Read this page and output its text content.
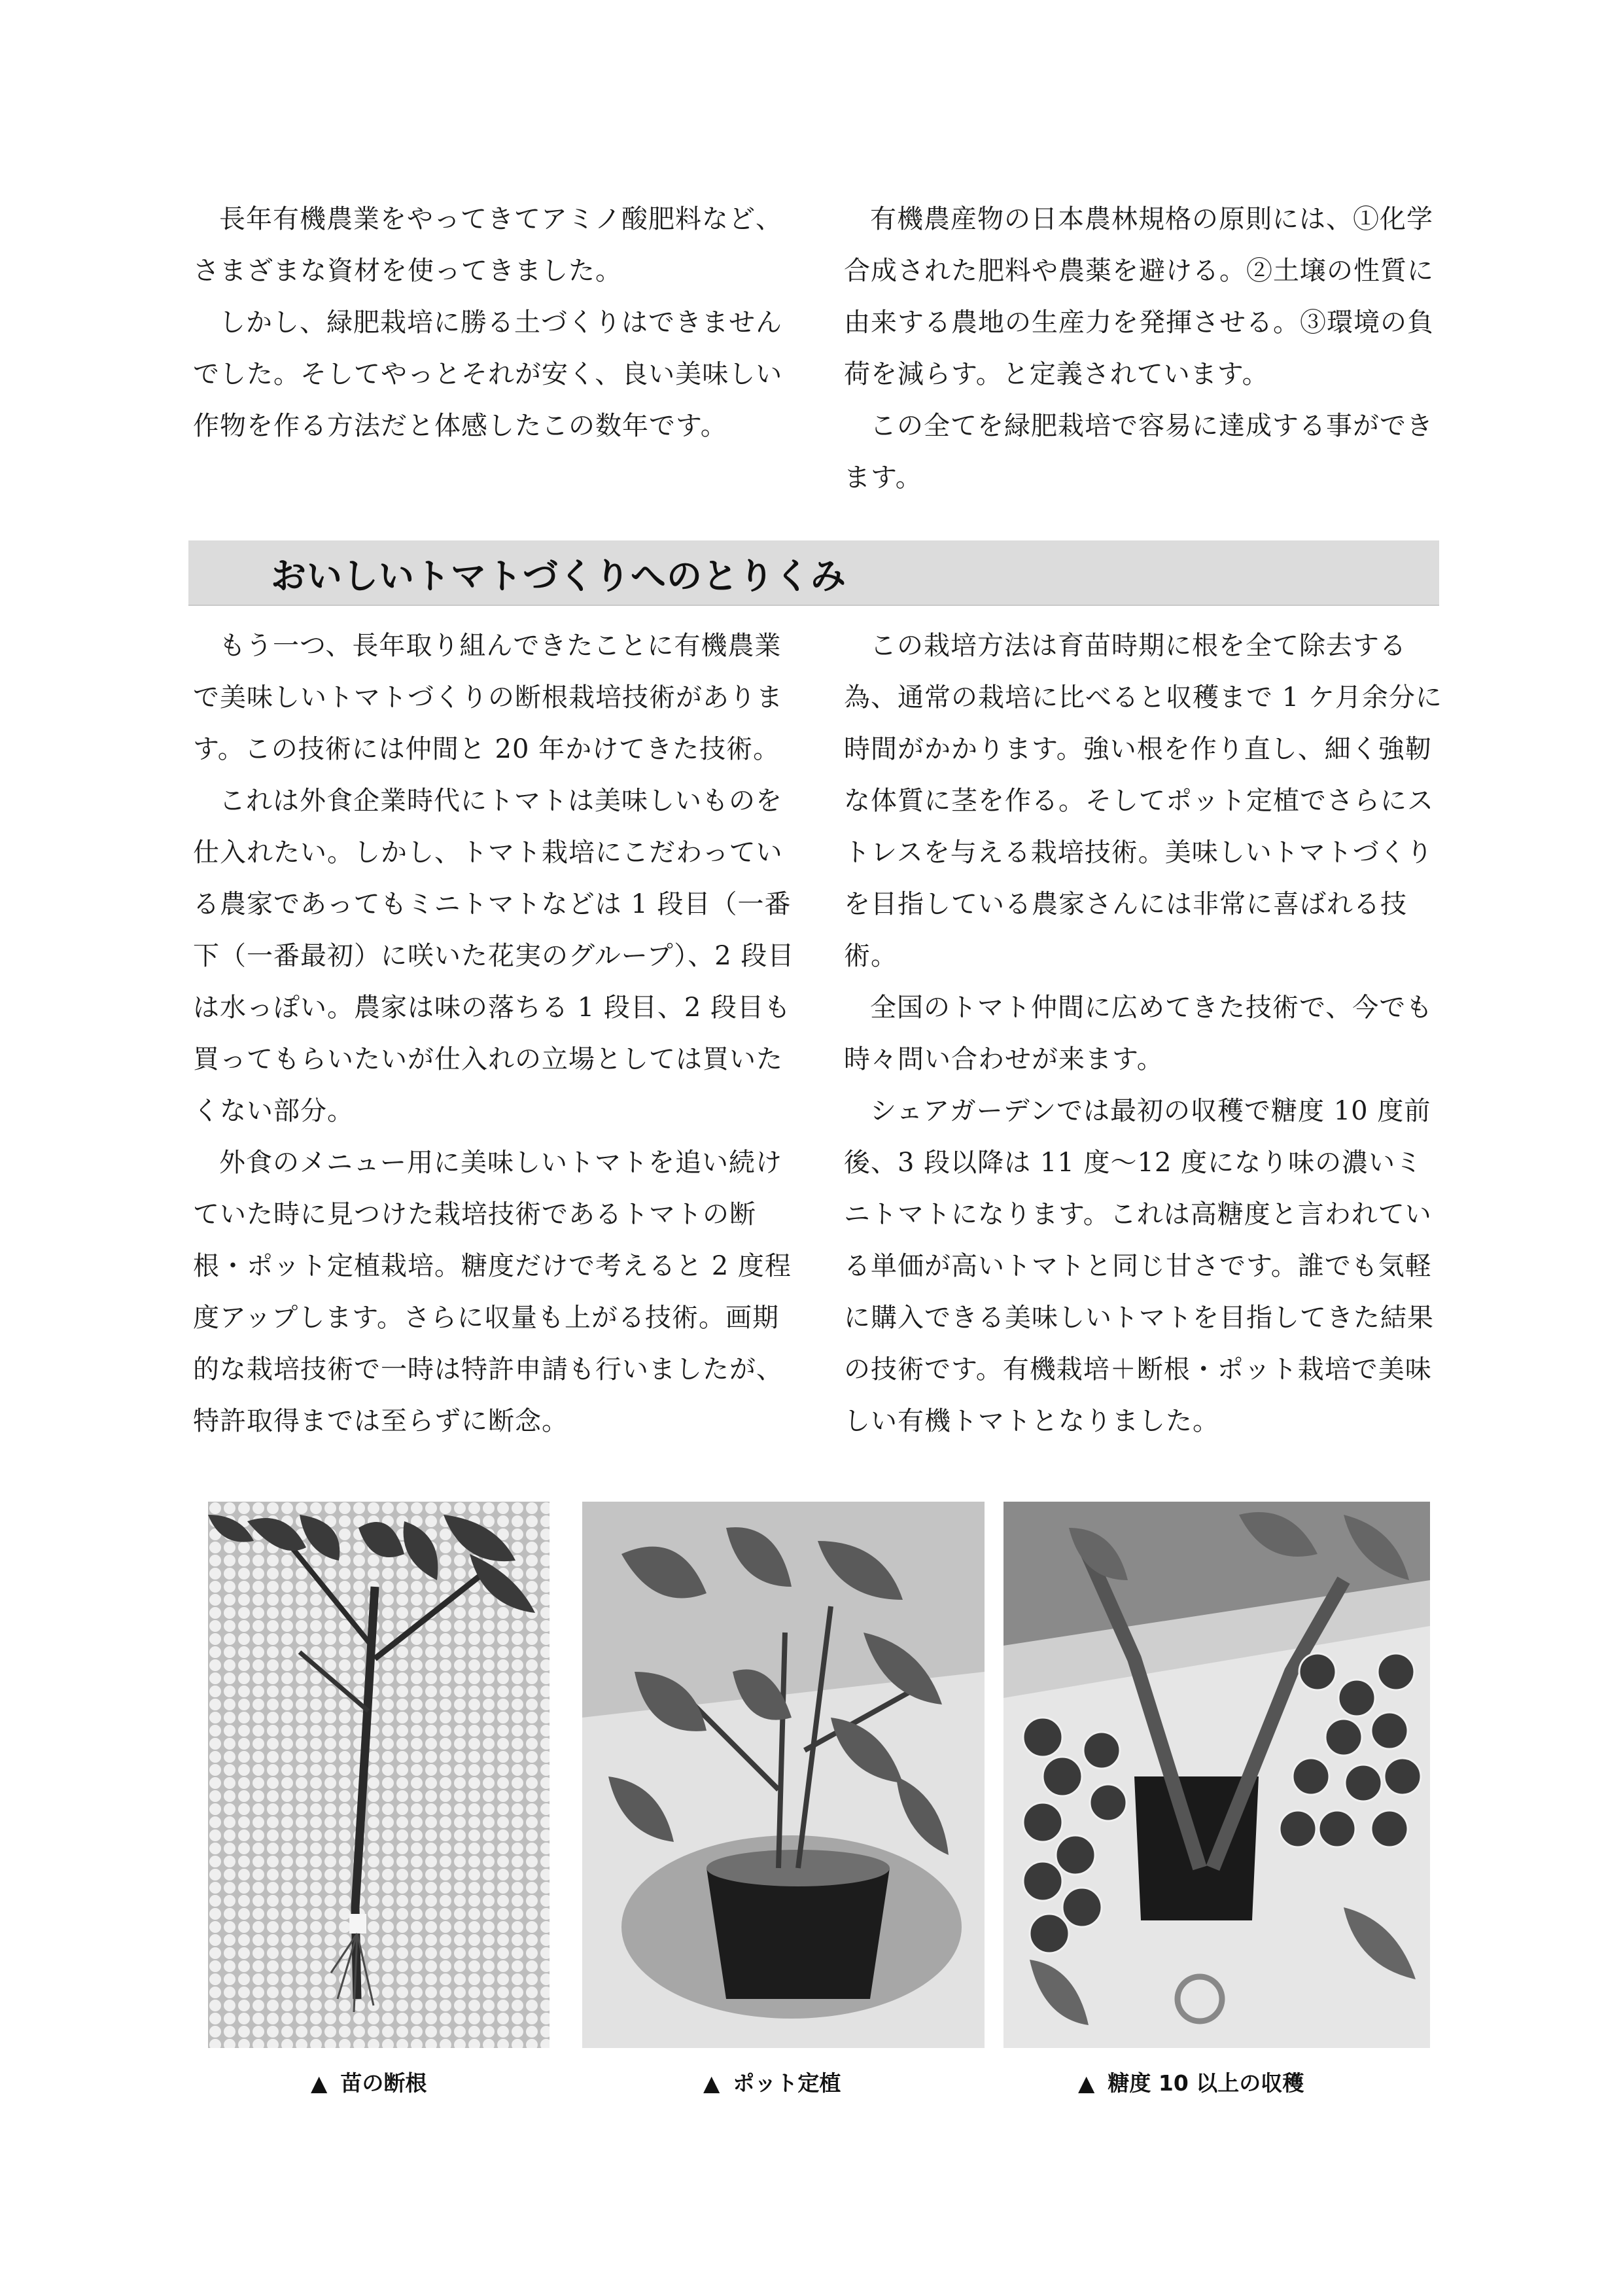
長年有機農業をやってきてアミノ酸肥料など、さまざまな資材を使ってきました。

しかし、緑肥栽培に勝る土づくりはできませんでした。そしてやっとそれが安く、良い美味しい作物を作る方法だと体感したこの数年です。

有機農産物の日本農林規格の原則には、①化学合成された肥料や農薬を避ける。②土壌の性質に由来する農地の生産力を発揮させる。③環境の負荷を減らす。と定義されています。

この全てを緑肥栽培で容易に達成する事ができます。

おいしいトマトづくりへのとりくみ

もう一つ、長年取り組んできたことに有機農業で美味しいトマトづくりの断根栽培技術があります。この技術には仲間と 20 年かけてきた技術。

これは外食企業時代にトマトは美味しいものを仕入れたい。しかし、トマト栽培にこだわっている農家であってもミニトマトなどは 1 段目（一番下（一番最初）に咲いた花実のグループ）、2 段目は水っぽい。農家は味の落ちる 1 段目、2 段目も買ってもらいたいが仕入れの立場としては買いたくない部分。

外食のメニュー用に美味しいトマトを追い続けていた時に見つけた栽培技術であるトマトの断根・ポット定植栽培。糖度だけで考えると 2 度程度アップします。さらに収量も上がる技術。画期的な栽培技術で一時は特許申請も行いましたが、特許取得までは至らずに断念。

この栽培方法は育苗時期に根を全て除去する為、通常の栽培に比べると収穫まで 1 ケ月余分に時間がかかります。強い根を作り直し、細く強靭な体質に茎を作る。そしてポット定植でさらにストレスを与える栽培技術。美味しいトマトづくりを目指している農家さんには非常に喜ばれる技術。

全国のトマト仲間に広めてきた技術で、今でも時々問い合わせが来ます。

シェアガーデンでは最初の収穫で糖度 10 度前後、3 段以降は 11 度～12 度になり味の濃いミニトマトになります。これは高糖度と言われている単価が高いトマトと同じ甘さです。誰でも気軽に購入できる美味しいトマトを目指してきた結果の技術です。有機栽培＋断根・ポット栽培で美味しい有機トマトとなりました。

▲ 苗の断根	▲ ポット定植	▲ 糖度 10 以上の収穫
